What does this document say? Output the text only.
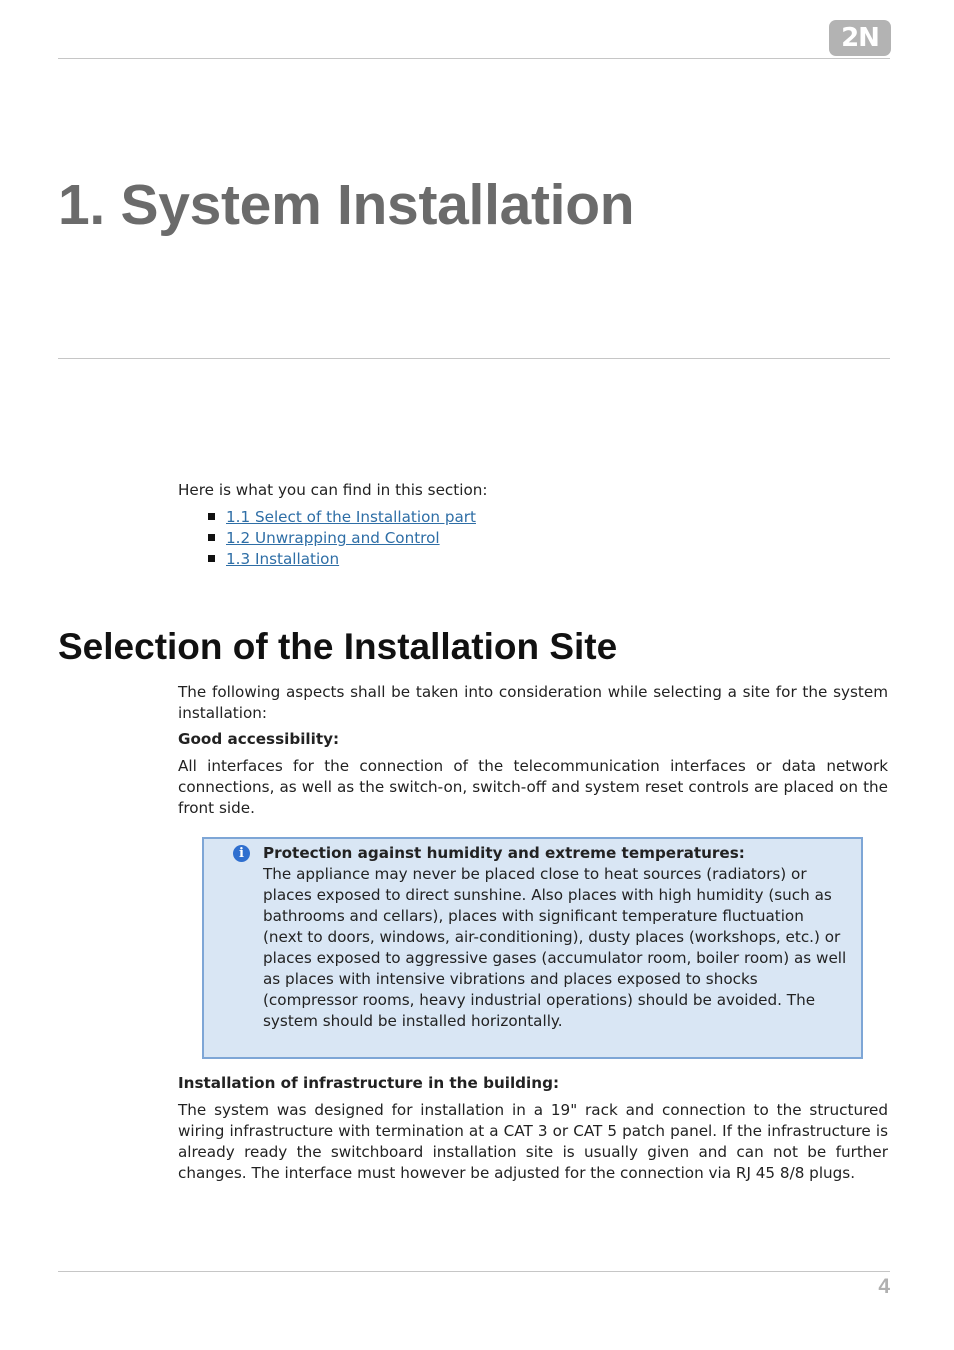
2N
1. System Installation

Here is what you can find in this section:

1.1 Select of the Installation part
1.2 Unwrapping and Control
1.3 Installation
Selection of the Installation Site

The following aspects shall be taken into consideration while selecting a site for the system installation:

Good accessibility:

All interfaces for the connection of the telecommunication interfaces or data network connections, as well as the switch-on, switch-off and system reset controls are placed on the front side.

i	Protection against humidity and extreme temperatures:
The appliance may never be placed close to heat sources (radiators) or places exposed to direct sunshine. Also places with high humidity (such as bathrooms and cellars), places with significant temperature fluctuation (next to doors, windows, air-conditioning), dusty places (workshops, etc.) or places exposed to aggressive gases (accumulator room, boiler room) as well as places with intensive vibrations and places exposed to shocks (compressor rooms, heavy industrial operations) should be avoided. The system should be installed horizontally.

Installation of infrastructure in the building:

The system was designed for installation in a 19" rack and connection to the structured wiring infrastructure with termination at a CAT 3 or CAT 5 patch panel. If the infrastructure is already ready the switchboard installation site is usually given and can not be further changes. The interface must however be adjusted for the connection via RJ 45 8/8 plugs.

4
